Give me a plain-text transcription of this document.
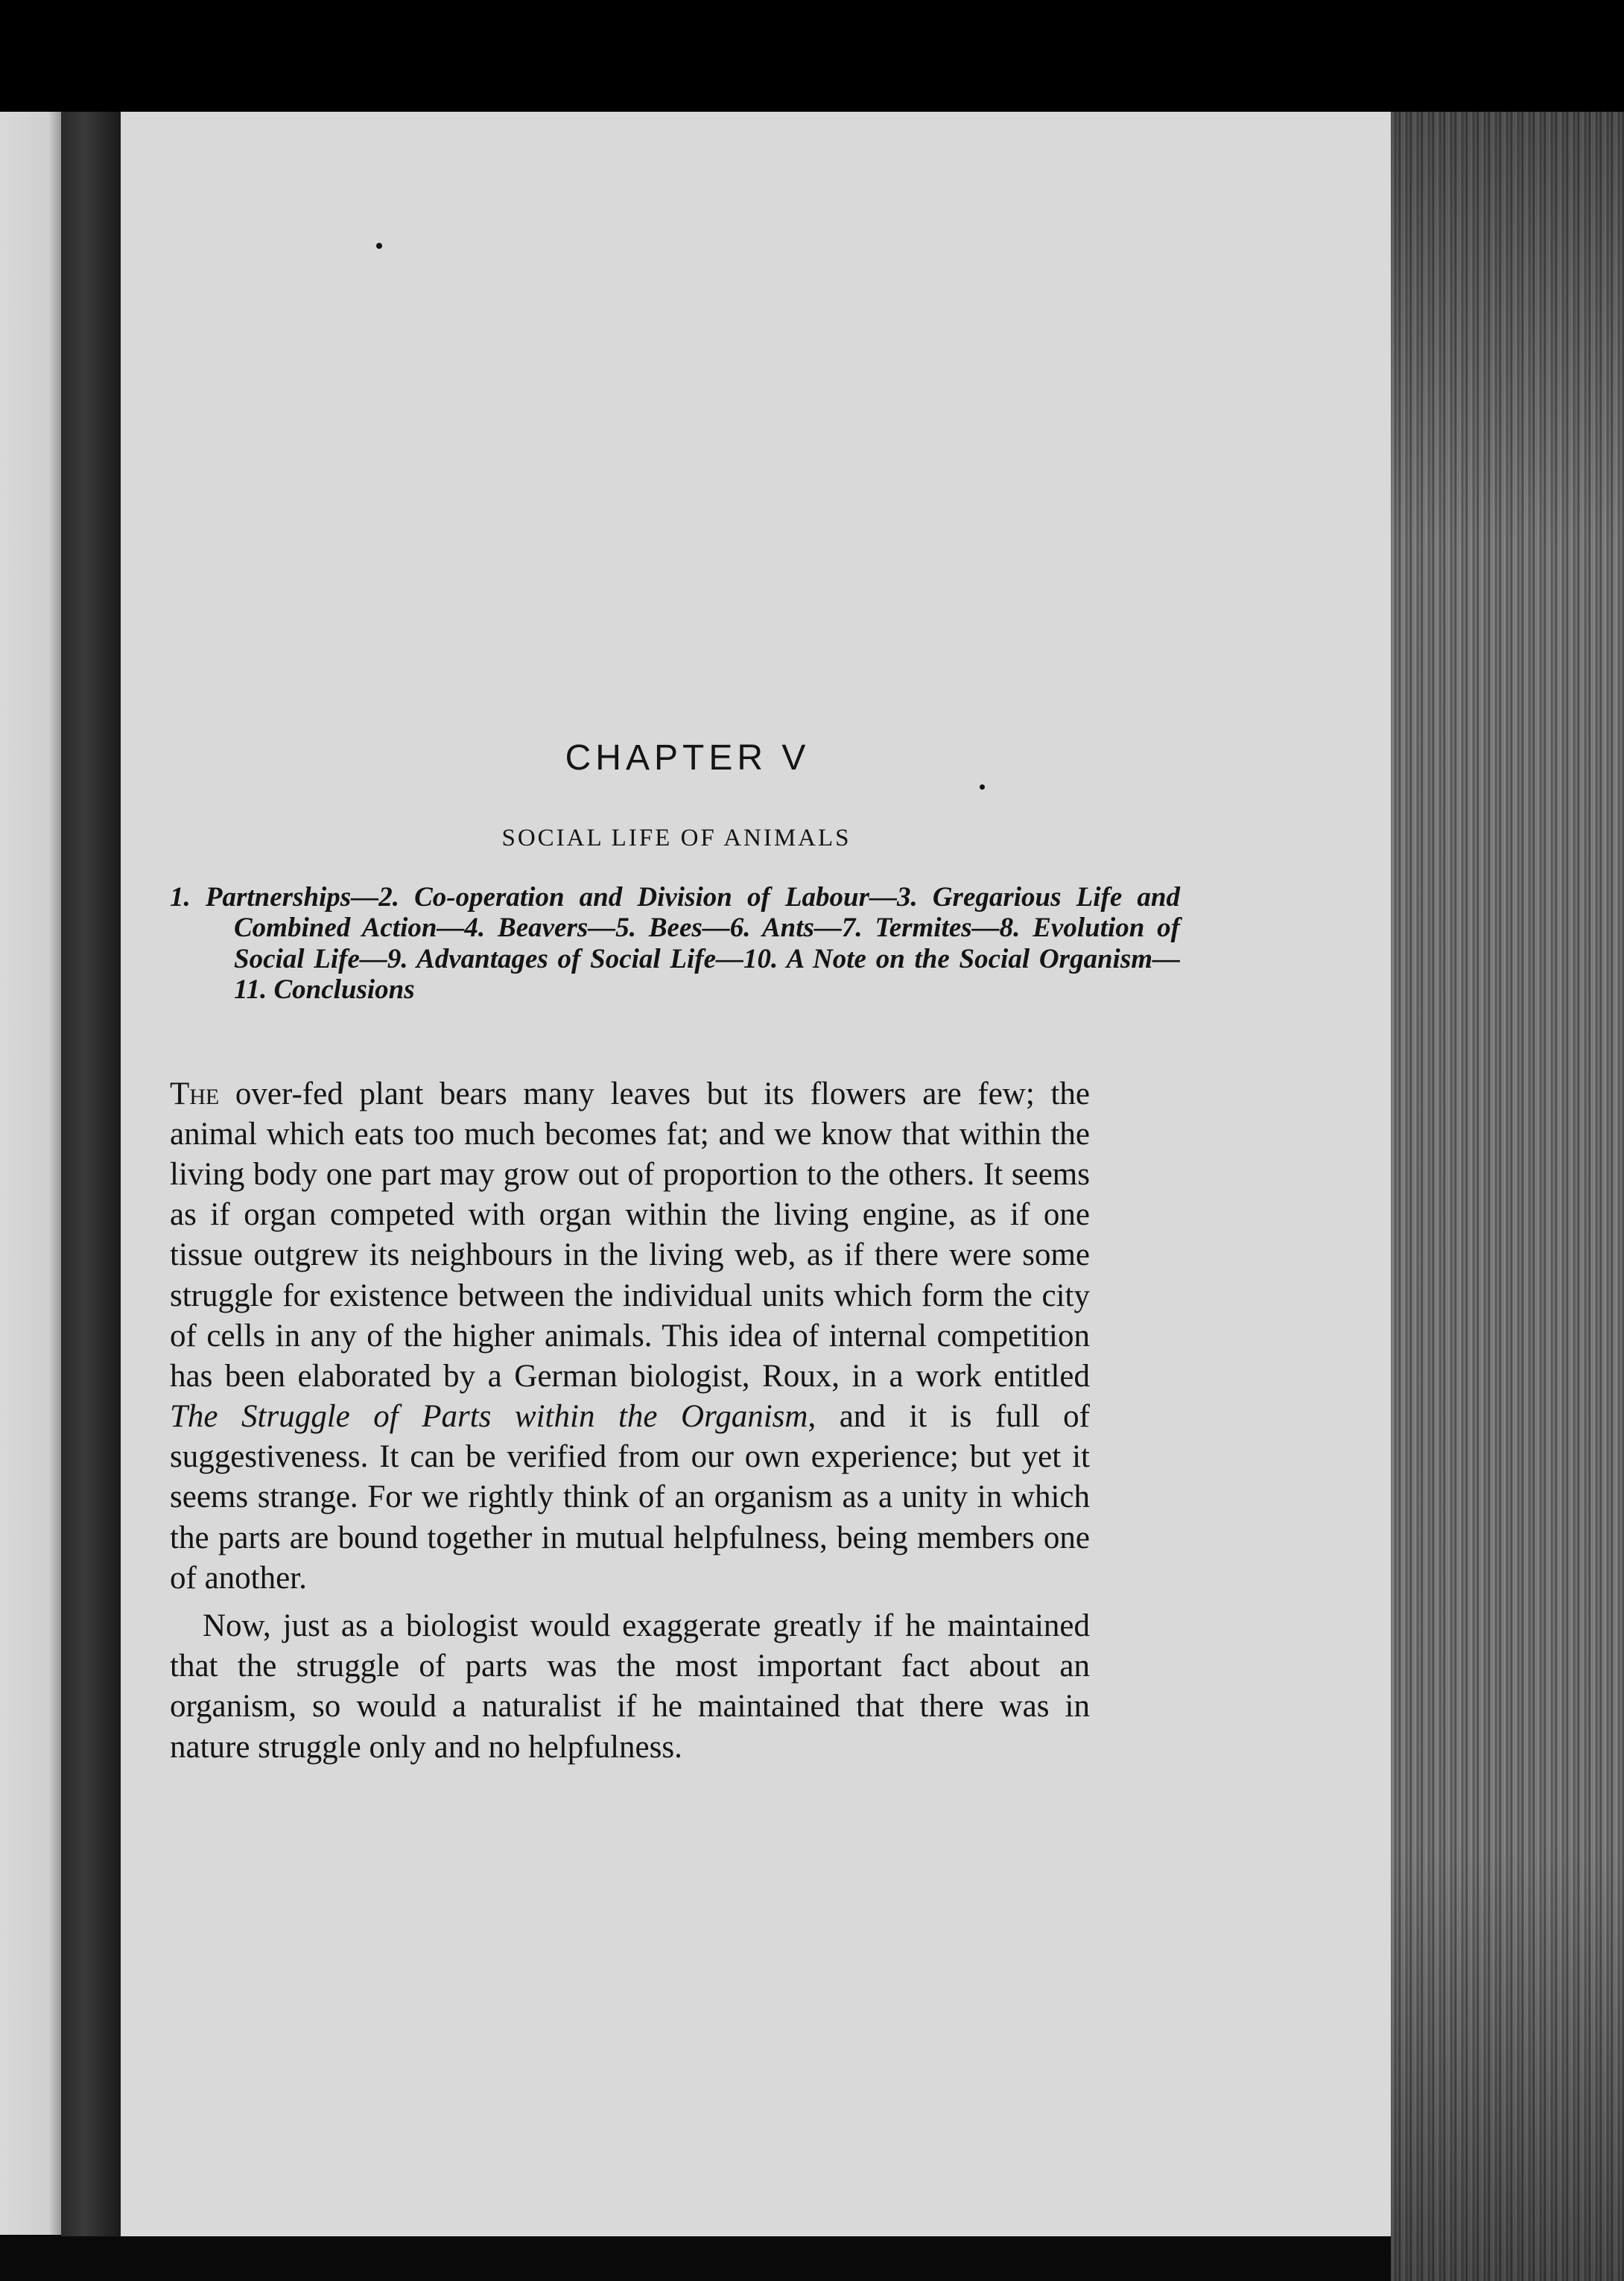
CHAPTER V
SOCIAL LIFE OF ANIMALS
1. Partnerships—2. Co-operation and Division of Labour—3. Gregarious Life and Combined Action—4. Beavers—5. Bees—6. Ants—7. Termites—8. Evolution of Social Life—9. Advantages of Social Life—10. A Note on the Social Organism—11. Conclusions

The over-fed plant bears many leaves but its flowers are few; the animal which eats too much becomes fat; and we know that within the living body one part may grow out of proportion to the others. It seems as if organ competed with organ within the living engine, as if one tissue outgrew its neighbours in the living web, as if there were some struggle for existence between the individual units which form the city of cells in any of the higher animals. This idea of internal competition has been elaborated by a German biologist, Roux, in a work entitled The Struggle of Parts within the Organism, and it is full of suggestiveness. It can be verified from our own experience; but yet it seems strange. For we rightly think of an organism as a unity in which the parts are bound together in mutual helpfulness, being members one of another.

Now, just as a biologist would exaggerate greatly if he maintained that the struggle of parts was the most important fact about an organism, so would a naturalist if he maintained that there was in nature struggle only and no helpfulness.
